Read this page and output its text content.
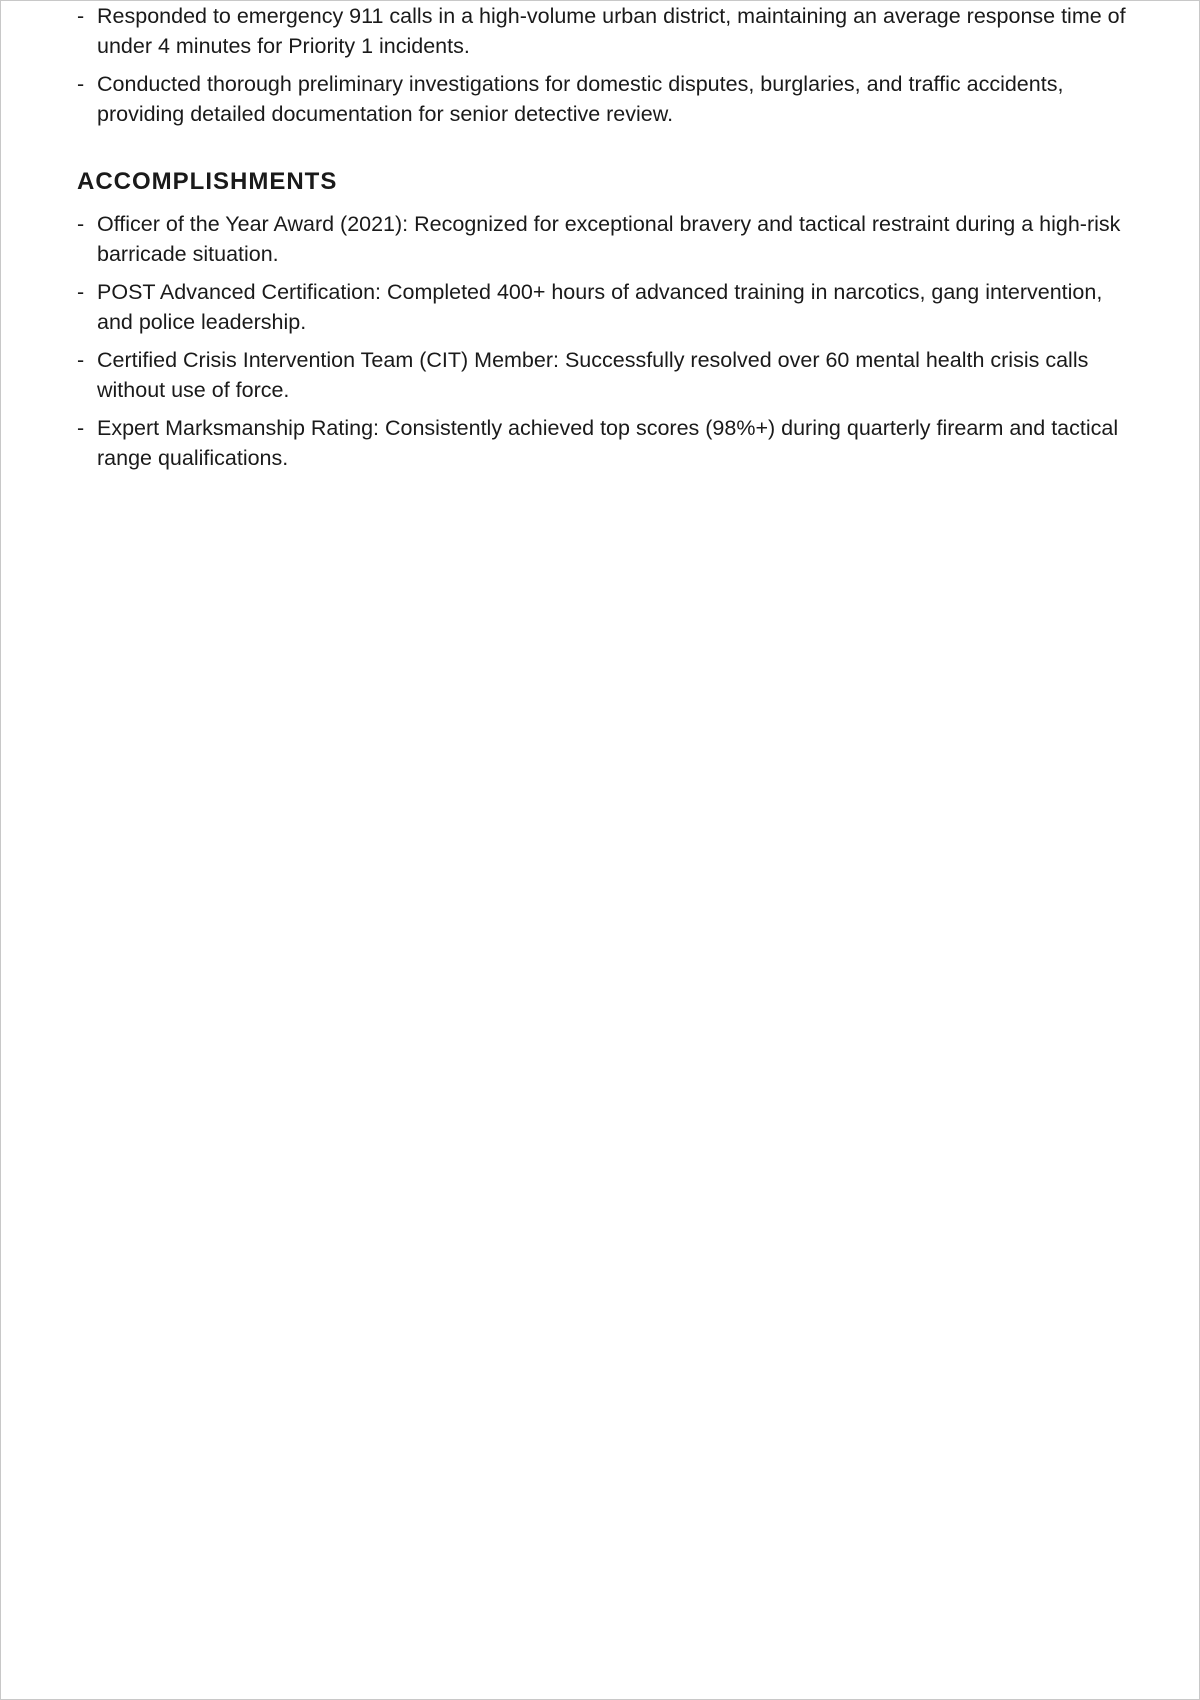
- Responded to emergency 911 calls in a high-volume urban district, maintaining an average response time of under 4 minutes for Priority 1 incidents.
- Conducted thorough preliminary investigations for domestic disputes, burglaries, and traffic accidents, providing detailed documentation for senior detective review.
ACCOMPLISHMENTS
- Officer of the Year Award (2021): Recognized for exceptional bravery and tactical restraint during a high-risk barricade situation.
- POST Advanced Certification: Completed 400+ hours of advanced training in narcotics, gang intervention, and police leadership.
- Certified Crisis Intervention Team (CIT) Member: Successfully resolved over 60 mental health crisis calls without use of force.
- Expert Marksmanship Rating: Consistently achieved top scores (98%+) during quarterly firearm and tactical range qualifications.
